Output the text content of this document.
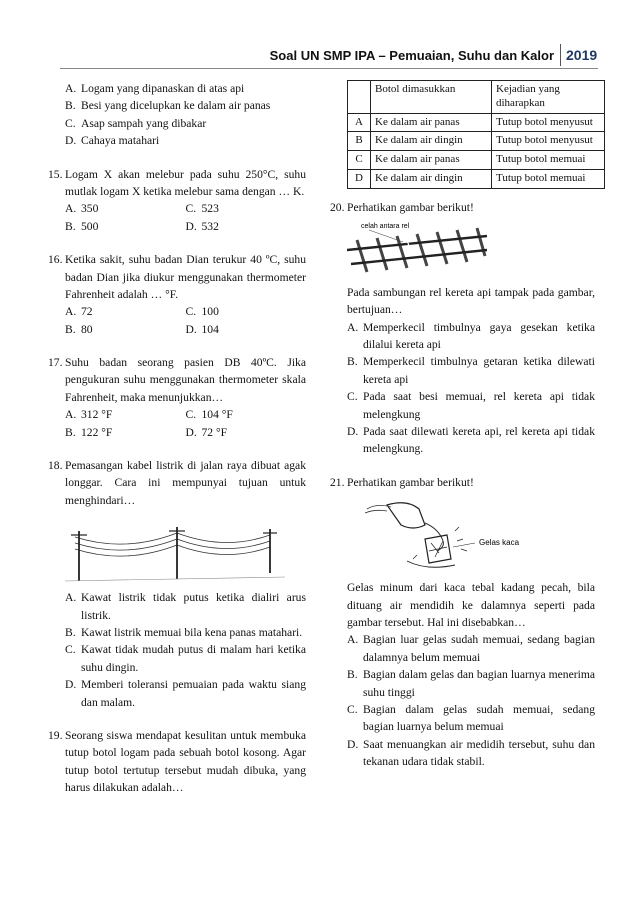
Soal UN SMP IPA – Pemuaian, Suhu dan Kalor 2019
A. Logam yang dipanaskan di atas api
B. Besi yang dicelupkan ke dalam air panas
C. Asap sampah yang dibakar
D. Cahaya matahari
15. Logam X akan melebur pada suhu 250°C, suhu mutlak logam X ketika melebur sama dengan … K.
A. 350	C. 523
B. 500	D. 532
16. Ketika sakit, suhu badan Dian terukur 40 ºC, suhu badan Dian jika diukur menggunakan thermometer Fahrenheit adalah … °F.
A. 72	C. 100
B. 80	D. 104
17. Suhu badan seorang pasien DB 40ºC. Jika pengukuran suhu menggunakan thermometer skala Fahrenheit, maka menunjukkan…
A. 312 °F	C. 104 °F
B. 122 °F	D. 72 °F
18. Pemasangan kabel listrik di jalan raya dibuat agak longgar. Cara ini mempunyai tujuan untuk menghindari…
A. Kawat listrik tidak putus ketika dialiri arus listrik.
B. Kawat listrik memuai bila kena panas matahari.
C. Kawat tidak mudah putus di malam hari ketika suhu dingin.
D. Memberi toleransi pemuaian pada waktu siang dan malam.
19. Seorang siswa mendapat kesulitan untuk membuka tutup botol logam pada sebuah botol kosong. Agar tutup botol tertutup tersebut mudah dibuka, yang harus dilakukan adalah…
	Botol dimasukkan	Kejadian yang diharapkan
A	Ke dalam air panas	Tutup botol menyusut
B	Ke dalam air dingin	Tutup botol menyusut
C	Ke dalam air panas	Tutup botol memuai
D	Ke dalam air dingin	Tutup botol memuai
20. Perhatikan gambar berikut!
celah antara rel
Pada sambungan rel kereta api tampak pada gambar, bertujuan…
A. Memperkecil timbulnya gaya gesekan ketika dilalui kereta api
B. Memperkecil timbulnya getaran ketika dilewati kereta api
C. Pada saat besi memuai, rel kereta api tidak melengkung
D. Pada saat dilewati kereta api, rel kereta api tidak melengkung.
21. Perhatikan gambar berikut!
Gelas kaca
Gelas minum dari kaca tebal kadang pecah, bila dituang air mendidih ke dalamnya seperti pada gambar tersebut. Hal ini disebabkan…
A. Bagian luar gelas sudah memuai, sedang bagian dalamnya belum memuai
B. Bagian dalam gelas dan bagian luarnya menerima suhu tinggi
C. Bagian dalam gelas sudah memuai, sedang bagian luarnya belum memuai
D. Saat menuangkan air medidih tersebut, suhu dan tekanan udara tidak stabil.
